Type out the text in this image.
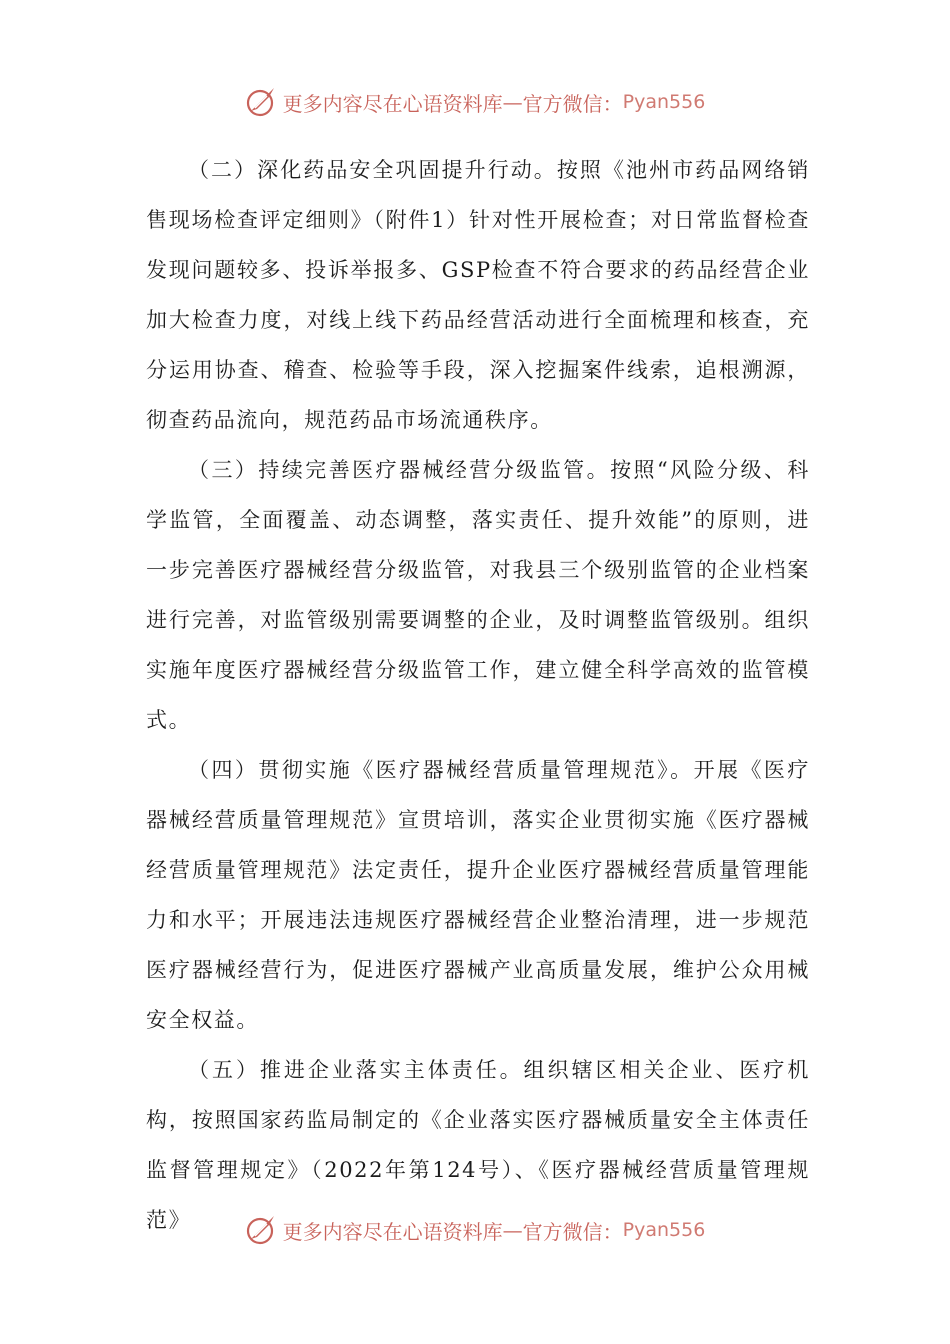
更多内容尽在心语资料库 — 官方微信： Pyan556

（二）深化药品安全巩固提升行动。按照《池州市药品网络销售现场检查评定细则》（附件1）针对性开展检查；对日常监督检查发现问题较多、投诉举报多、GSP检查不符合要求的药品经营企业加大检查力度，对线上线下药品经营活动进行全面梳理和核查，充分运用协查、稽查、检验等手段，深入挖掘案件线索，追根溯源，彻查药品流向，规范药品市场流通秩序。

（三）持续完善医疗器械经营分级监管。按照“风险分级、科学监管，全面覆盖、动态调整，落实责任、提升效能”的原则，进一步完善医疗器械经营分级监管，对我县三个级别监管的企业档案进行完善，对监管级别需要调整的企业，及时调整监管级别。组织实施年度医疗器械经营分级监管工作，建立健全科学高效的监管模式。

（四）贯彻实施《医疗器械经营质量管理规范》。开展《医疗器械经营质量管理规范》宣贯培训，落实企业贯彻实施《医疗器械经营质量管理规范》法定责任，提升企业医疗器械经营质量管理能力和水平；开展违法违规医疗器械经营企业整治清理，进一步规范医疗器械经营行为，促进医疗器械产业高质量发展，维护公众用械安全权益。

（五）推进企业落实主体责任。组织辖区相关企业、医疗机构，按照国家药监局制定的《企业落实医疗器械质量安全主体责任监督管理规定》（2022年第124号）、《医疗器械经营质量管理规范》	更多内容尽在心语资料库 — 官方微信： Pyan556
